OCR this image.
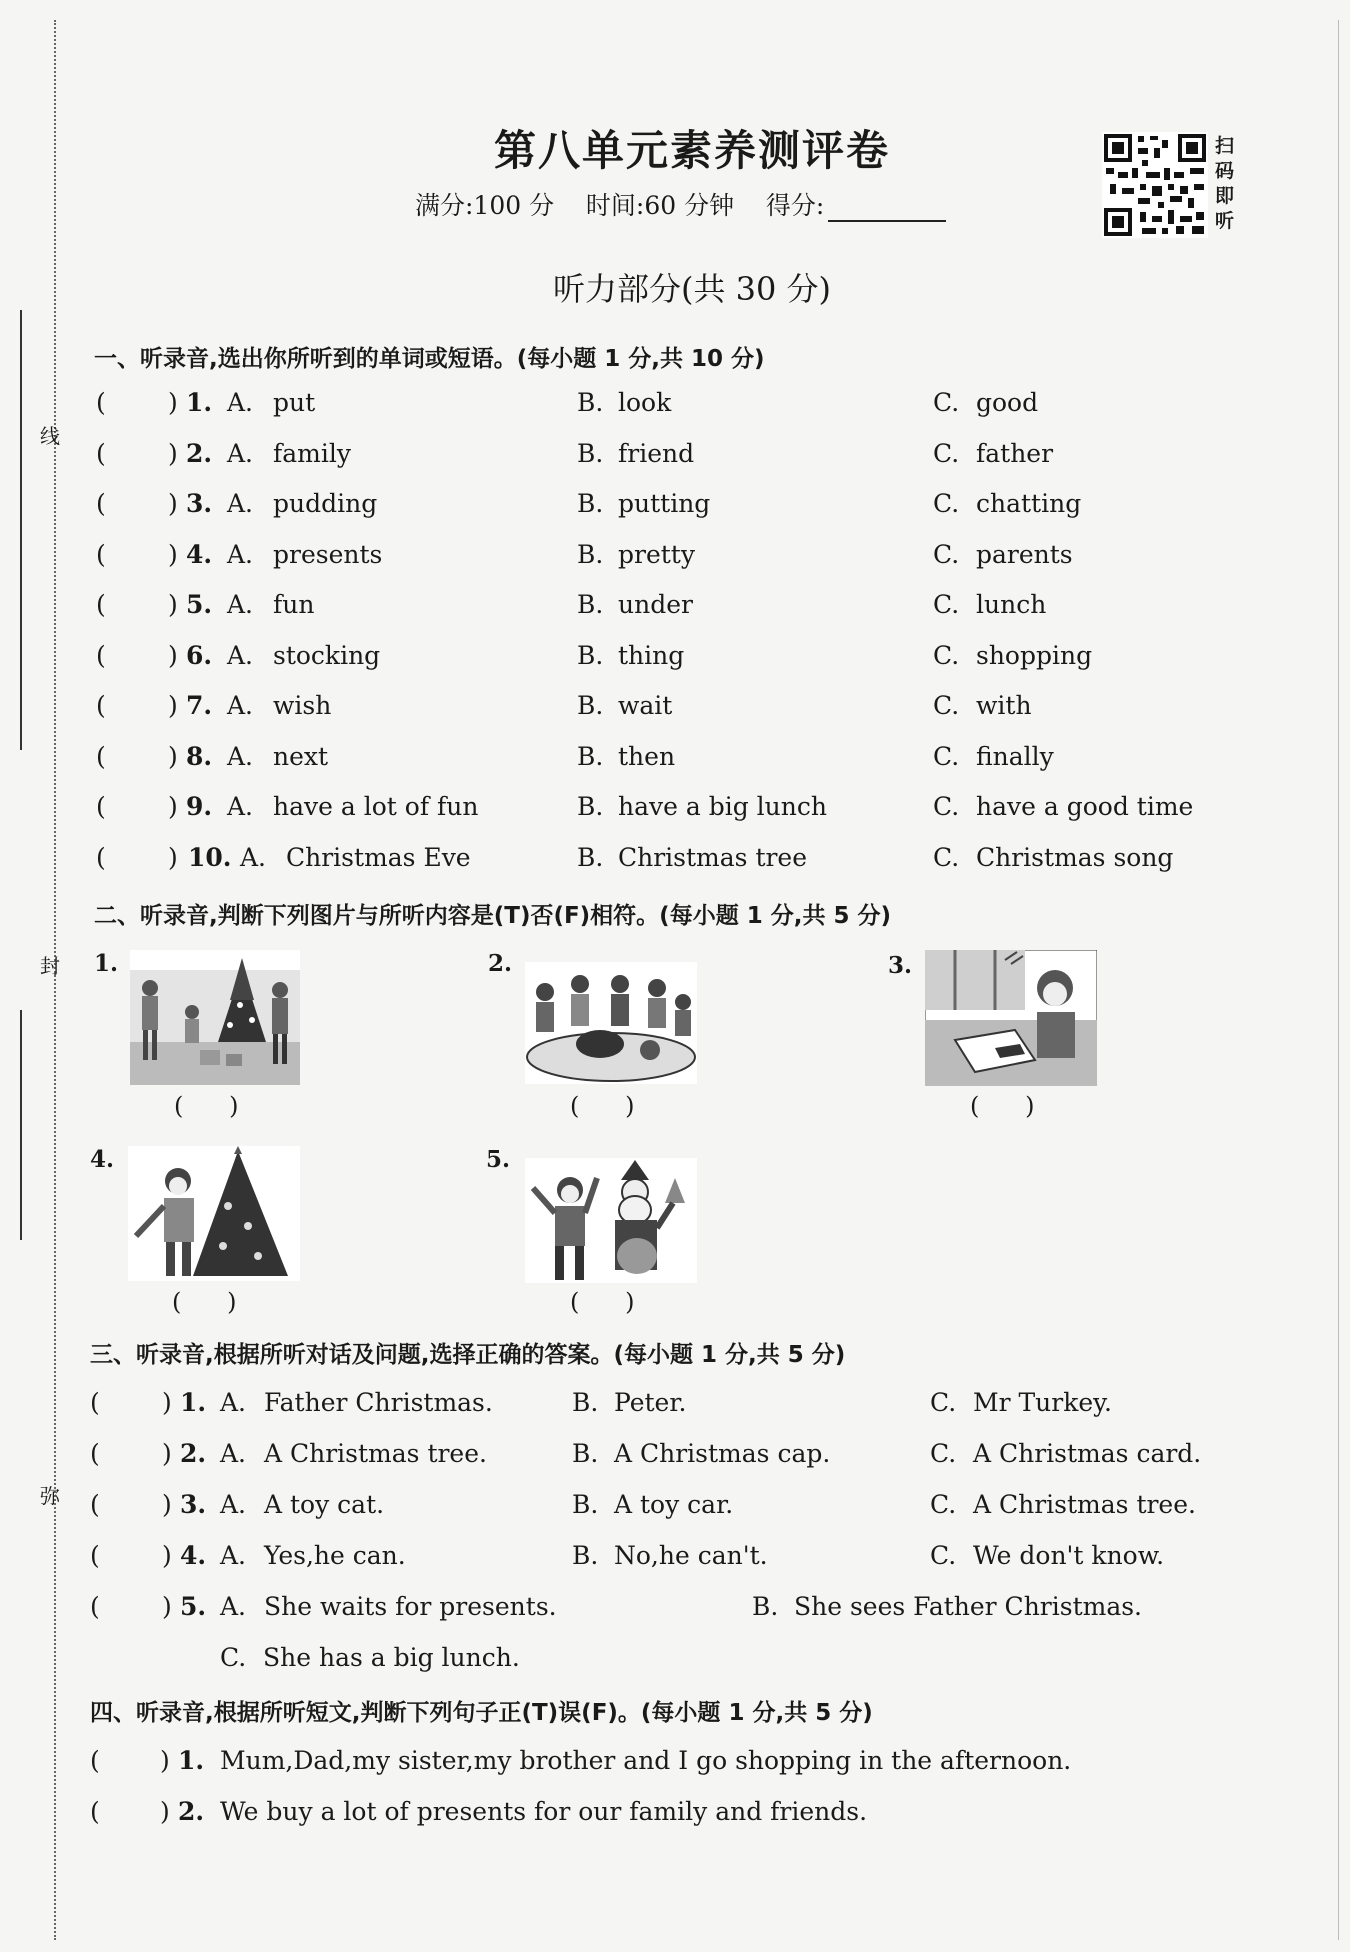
线
封
弥
第八单元素养测评卷
满分:100 分 时间:60 分钟 得分:
扫
码
即
听
听力部分(共 30 分)
一、听录音,选出你所听到的单词或短语。(每小题 1 分,共 10 分)
( ) 1. A. put	B. look	C. good
( ) 2. A. family	B. friend	C. father
( ) 3. A. pudding	B. putting	C. chatting
( ) 4. A. presents	B. pretty	C. parents
( ) 5. A. fun	B. under	C. lunch
( ) 6. A. stocking	B. thing	C. shopping
( ) 7. A. wish	B. wait	C. with
( ) 8. A. next	B. then	C. finally
( ) 9. A. have a lot of fun	B. have a big lunch	C. have a good time
( ) 10. A. Christmas Eve	B. Christmas tree	C. Christmas song
二、听录音,判断下列图片与所听内容是(T)否(F)相符。(每小题 1 分,共 5 分)
1.
( )
2.
( )
3.
( )
4.
( )
5.
( )
三、听录音,根据所听对话及问题,选择正确的答案。(每小题 1 分,共 5 分)
( ) 1. A. Father Christmas.	B. Peter.	C. Mr Turkey.
( ) 2. A. A Christmas tree.	B. A Christmas cap.	C. A Christmas card.
( ) 3. A. A toy cat.	B. A toy car.	C. A Christmas tree.
( ) 4. A. Yes,he can.	B. No,he can't.	C. We don't know.
( ) 5. A. She waits for presents.	B. She sees Father Christmas.
C. She has a big lunch.
四、听录音,根据所听短文,判断下列句子正(T)误(F)。(每小题 1 分,共 5 分)
( ) 1. Mum,Dad,my sister,my brother and I go shopping in the afternoon.
( ) 2. We buy a lot of presents for our family and friends.
